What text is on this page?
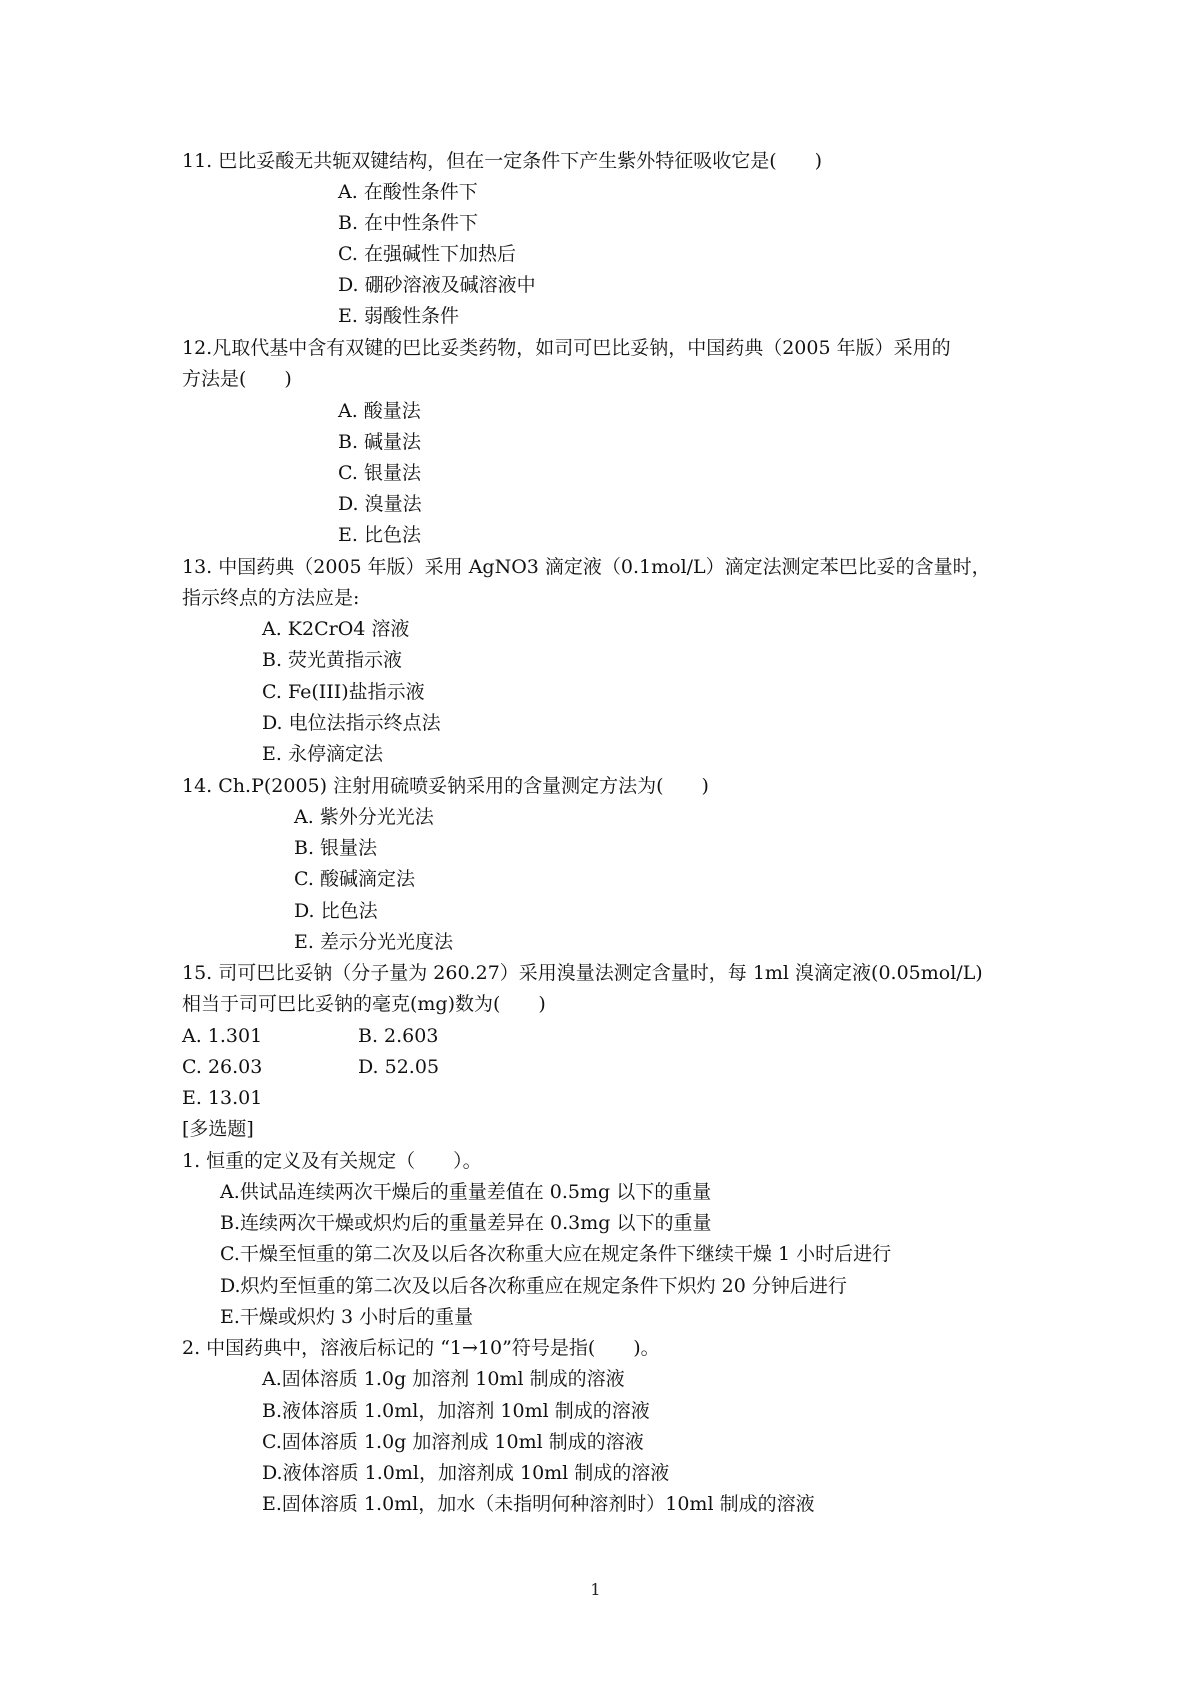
11. 巴比妥酸无共轭双键结构，但在一定条件下产生紫外特征吸收它是(　　)
A. 在酸性条件下
B. 在中性条件下
C. 在强碱性下加热后
D. 硼砂溶液及碱溶液中
E. 弱酸性条件
12.凡取代基中含有双键的巴比妥类药物，如司可巴比妥钠，中国药典（2005 年版）采用的
方法是(　　)
A. 酸量法
B. 碱量法
C. 银量法
D. 溴量法
E. 比色法
13. 中国药典（2005 年版）采用 AgNO3 滴定液（0.1mol/L）滴定法测定苯巴比妥的含量时，
指示终点的方法应是:
A. K2CrO4 溶液
B. 荧光黄指示液
C. Fe(III)盐指示液
D. 电位法指示终点法
E. 永停滴定法
14. Ch.P(2005) 注射用硫喷妥钠采用的含量测定方法为(　　)
A. 紫外分光光法
B. 银量法
C. 酸碱滴定法
D. 比色法
E. 差示分光光度法
15. 司可巴比妥钠（分子量为 260.27）采用溴量法测定含量时，每 1ml 溴滴定液(0.05mol/L)
相当于司可巴比妥钠的毫克(mg)数为(　　)
A. 1.301	B. 2.603
C. 26.03	D. 52.05
E. 13.01
[多选题]
1. 恒重的定义及有关规定（　　）。
A.供试品连续两次干燥后的重量差值在 0.5mg 以下的重量
B.连续两次干燥或炽灼后的重量差异在 0.3mg 以下的重量
C.干燥至恒重的第二次及以后各次称重大应在规定条件下继续干燥 1 小时后进行
D.炽灼至恒重的第二次及以后各次称重应在规定条件下炽灼 20 分钟后进行
E.干燥或炽灼 3 小时后的重量
2. 中国药典中，溶液后标记的 “1→10”符号是指(　　)。
A.固体溶质 1.0g 加溶剂 10ml 制成的溶液
B.液体溶质 1.0ml，加溶剂 10ml 制成的溶液
C.固体溶质 1.0g 加溶剂成 10ml 制成的溶液
D.液体溶质 1.0ml，加溶剂成 10ml 制成的溶液
E.固体溶质 1.0ml，加水（未指明何种溶剂时）10ml 制成的溶液
1
